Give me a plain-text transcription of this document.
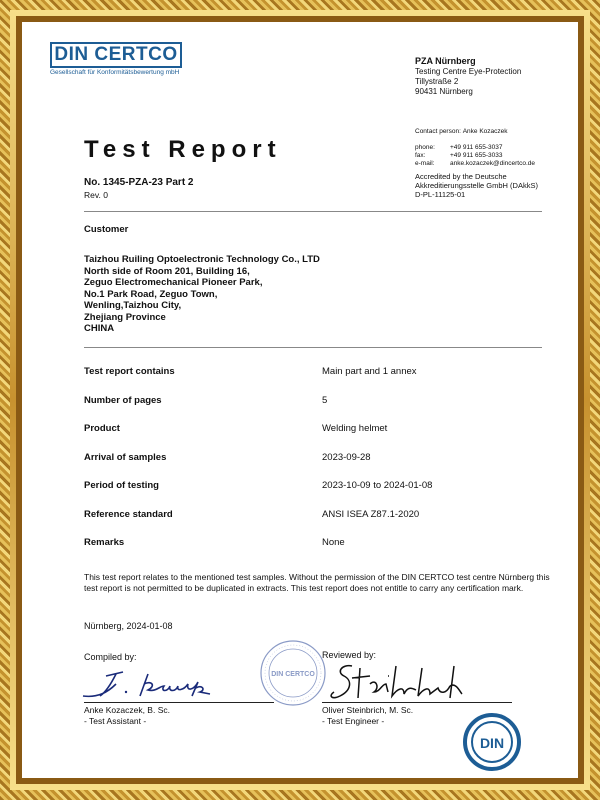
DIN CERTCO
Gesellschaft für Konformitätsbewertung mbH
PZA Nürnberg
Testing Centre Eye-Protection
Tillystraße 2
90431 Nürnberg
Contact person:
Anke Kozaczek
phone:	+49 911 655-3037
fax:	+49 911 655-3033
e-mail:	anke.kozaczek@dincertco.de
Accredited by the Deutsche
Akkreditierungsstelle GmbH (DAkkS)
D-PL-11125-01
Test Report
No. 1345-PZA-23 Part 2
Rev. 0
Customer
Taizhou Ruiling Optoelectronic Technology Co., LTD
North side of Room 201, Building 16,
Zeguo Electromechanical Pioneer Park,
No.1 Park Road, Zeguo Town,
Wenling,Taizhou City,
Zhejiang Province
CHINA
Test report contains	Main part and 1 annex
Number of pages	5
Product	Welding helmet
Arrival of samples	2023-09-28
Period of testing	2023-10-09 to 2024-01-08
Reference standard	ANSI ISEA Z87.1-2020
Remarks	None
This test report relates to the mentioned test samples. Without the permission of the DIN CERTCO test centre Nürnberg this test report is not permitted to be duplicated in extracts. This test report does not entitle to carry any certification mark.
Nürnberg, 2024-01-08
Compiled by:
Anke Kozaczek, B. Sc.
- Test Assistant -
DIN CERTCO
Reviewed by:
Oliver Steinbrich, M. Sc.
- Test Engineer -
DIN
